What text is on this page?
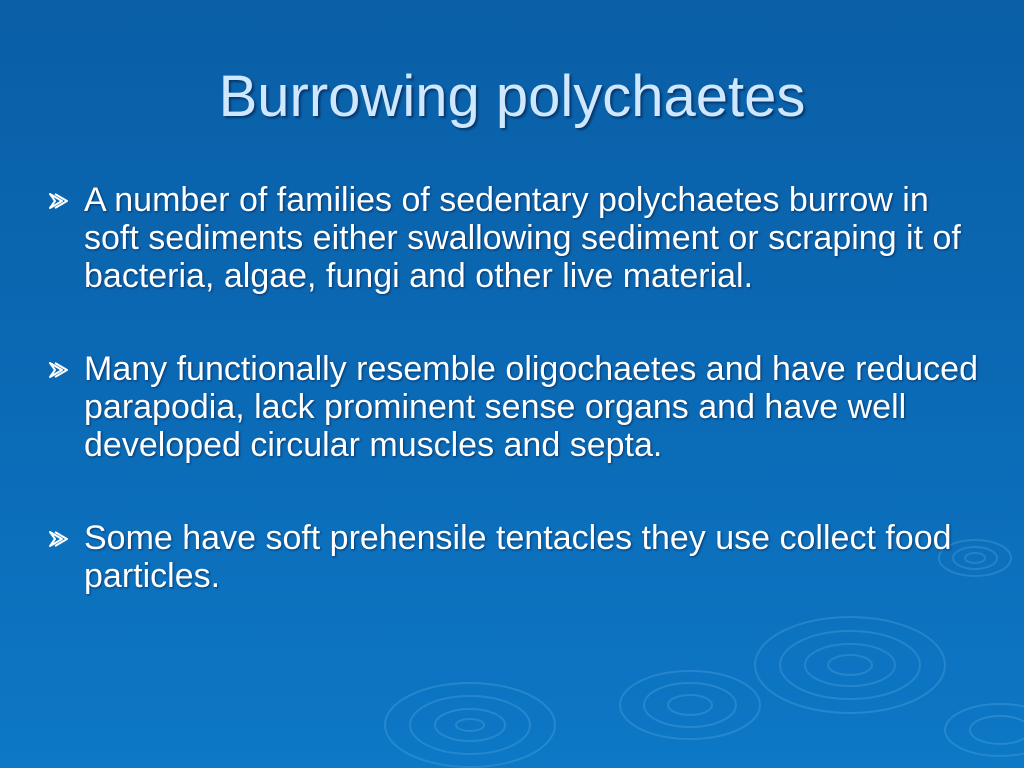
Burrowing polychaetes
A number of families of sedentary polychaetes burrow in soft sediments either swallowing sediment or scraping it of bacteria, algae, fungi and other live material.
Many functionally resemble oligochaetes and have reduced parapodia, lack prominent sense organs and have well developed circular muscles and septa.
Some have soft prehensile tentacles they use collect food particles.
